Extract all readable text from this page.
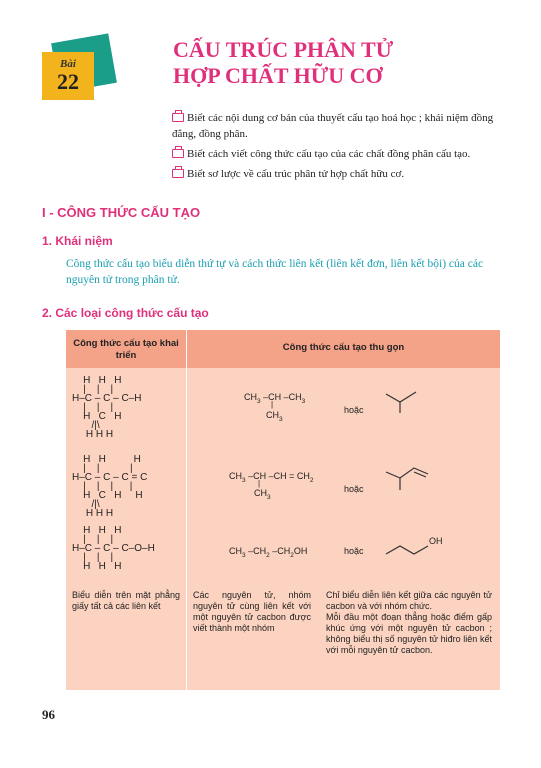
Bài
22
CẤU TRÚC PHÂN TỬ
HỢP CHẤT HỮU CƠ
Biết các nội dung cơ bản của thuyết cấu tạo hoá học ; khái niệm đồng đẳng, đồng phân.
Biết cách viết công thức cấu tạo của các chất đồng phân cấu tạo.
Biết sơ lược về cấu trúc phân tử hợp chất hữu cơ.
I - CÔNG THỨC CẤU TẠO
1. Khái niệm
Công thức cấu tạo biểu diễn thứ tự và cách thức liên kết (liên kết đơn, liên kết bội) của các nguyên tử trong phân tử.
2. Các loại công thức cấu tạo
Công thức cấu tạo khai triển
Công thức cấu tạo thu gọn
H   H   H
|    |    |
H–C – C – C–H
|    |    |
H   C   H
/|\
H H H
$CH_3$ –CH $-CH_3$
|
$CH_3$
hoặc
H   H          H
|    |           |
H–C – C – C = C
|    |    |      |
H   C   H     H
/|\
H H H
$CH_3$ –CH $-CH = CH_2$
|
$CH_3$
hoặc
H   H   H
|    |    |
H–C – C – C–O–H
|    |    |
H   H   H
$CH_3$ $-CH_2$ $-CH_2OH$	hoặc
OH
Biểu diễn trên mặt phẳng giấy tất cả các liên kết
Các nguyên tử, nhóm nguyên tử cùng liên kết với một nguyên tử cacbon được viết thành một nhóm
Chỉ biểu diễn liên kết giữa các nguyên tử cacbon và với nhóm chức.
Mỗi đầu một đoạn thẳng hoặc điểm gấp khúc ứng với một nguyên tử cacbon ; không biểu thị số nguyên tử hiđro liên kết với mỗi nguyên tử cacbon.
96
